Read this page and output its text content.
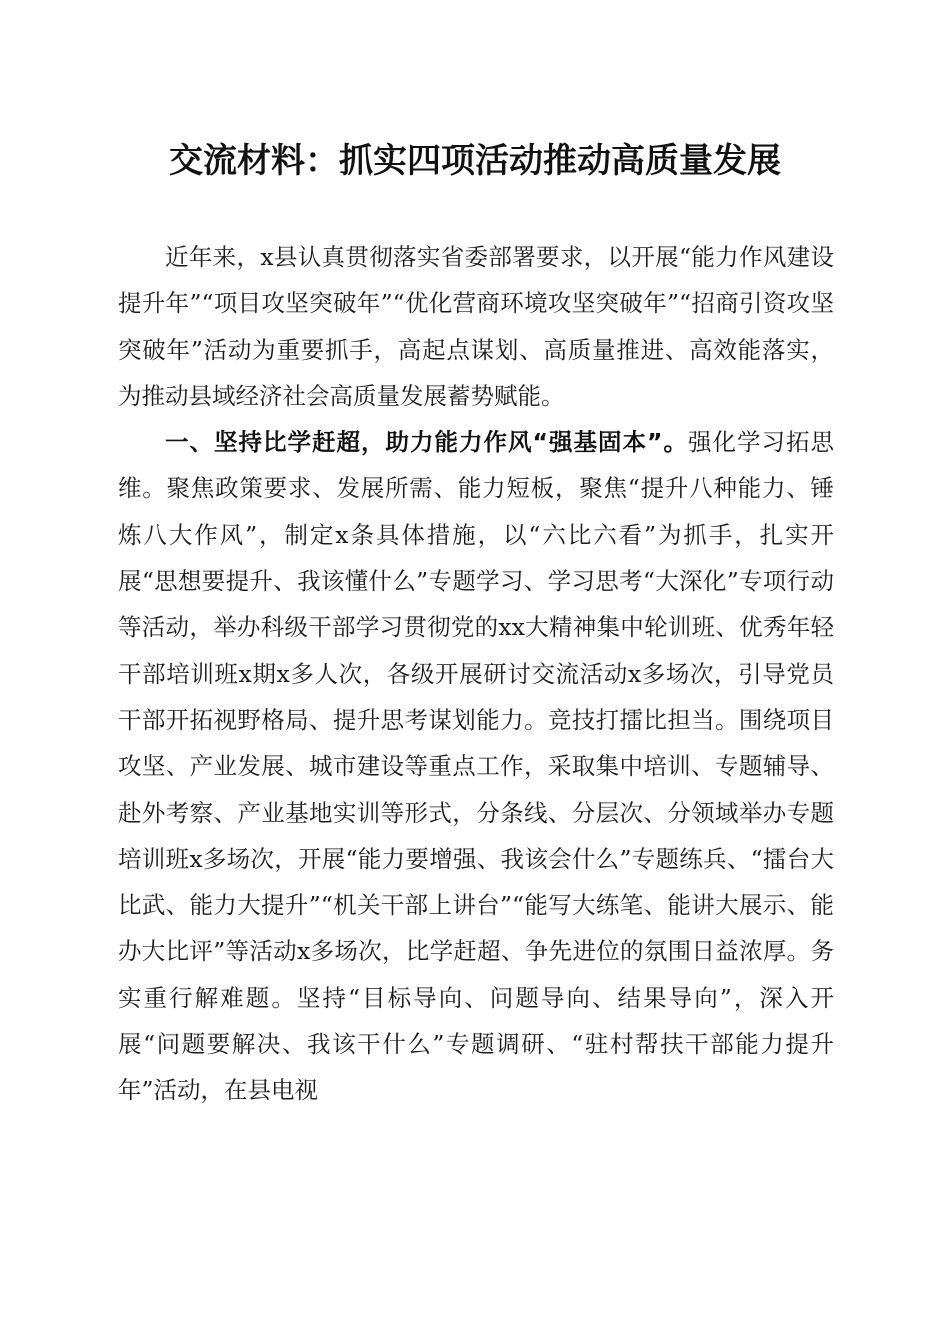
交流材料：抓实四项活动推动高质量发展

近年来，x县认真贯彻落实省委部署要求，以开展“能力作风建设提升年”“项目攻坚突破年”“优化营商环境攻坚突破年”“招商引资攻坚突破年”活动为重要抓手，高起点谋划、高质量推进、高效能落实，为推动县域经济社会高质量发展蓄势赋能。

一、坚持比学赶超，助力能力作风“强基固本”。强化学习拓思维。聚焦政策要求、发展所需、能力短板，聚焦“提升八种能力、锤炼八大作风”，制定x条具体措施，以“六比六看”为抓手，扎实开展“思想要提升、我该懂什么”专题学习、学习思考“大深化”专项行动等活动，举办科级干部学习贯彻党的xx大精神集中轮训班、优秀年轻干部培训班x期x多人次，各级开展研讨交流活动x多场次，引导党员干部开拓视野格局、提升思考谋划能力。竞技打擂比担当。围绕项目攻坚、产业发展、城市建设等重点工作，采取集中培训、专题辅导、赴外考察、产业基地实训等形式，分条线、分层次、分领域举办专题培训班x多场次，开展“能力要增强、我该会什么”专题练兵、“擂台大比武、能力大提升”“机关干部上讲台”“能写大练笔、能讲大展示、能办大比评”等活动x多场次，比学赶超、争先进位的氛围日益浓厚。务实重行解难题。坚持“目标导向、问题导向、结果导向”，深入开展“问题要解决、我该干什么”专题调研、“驻村帮扶干部能力提升年”活动，在县电视
